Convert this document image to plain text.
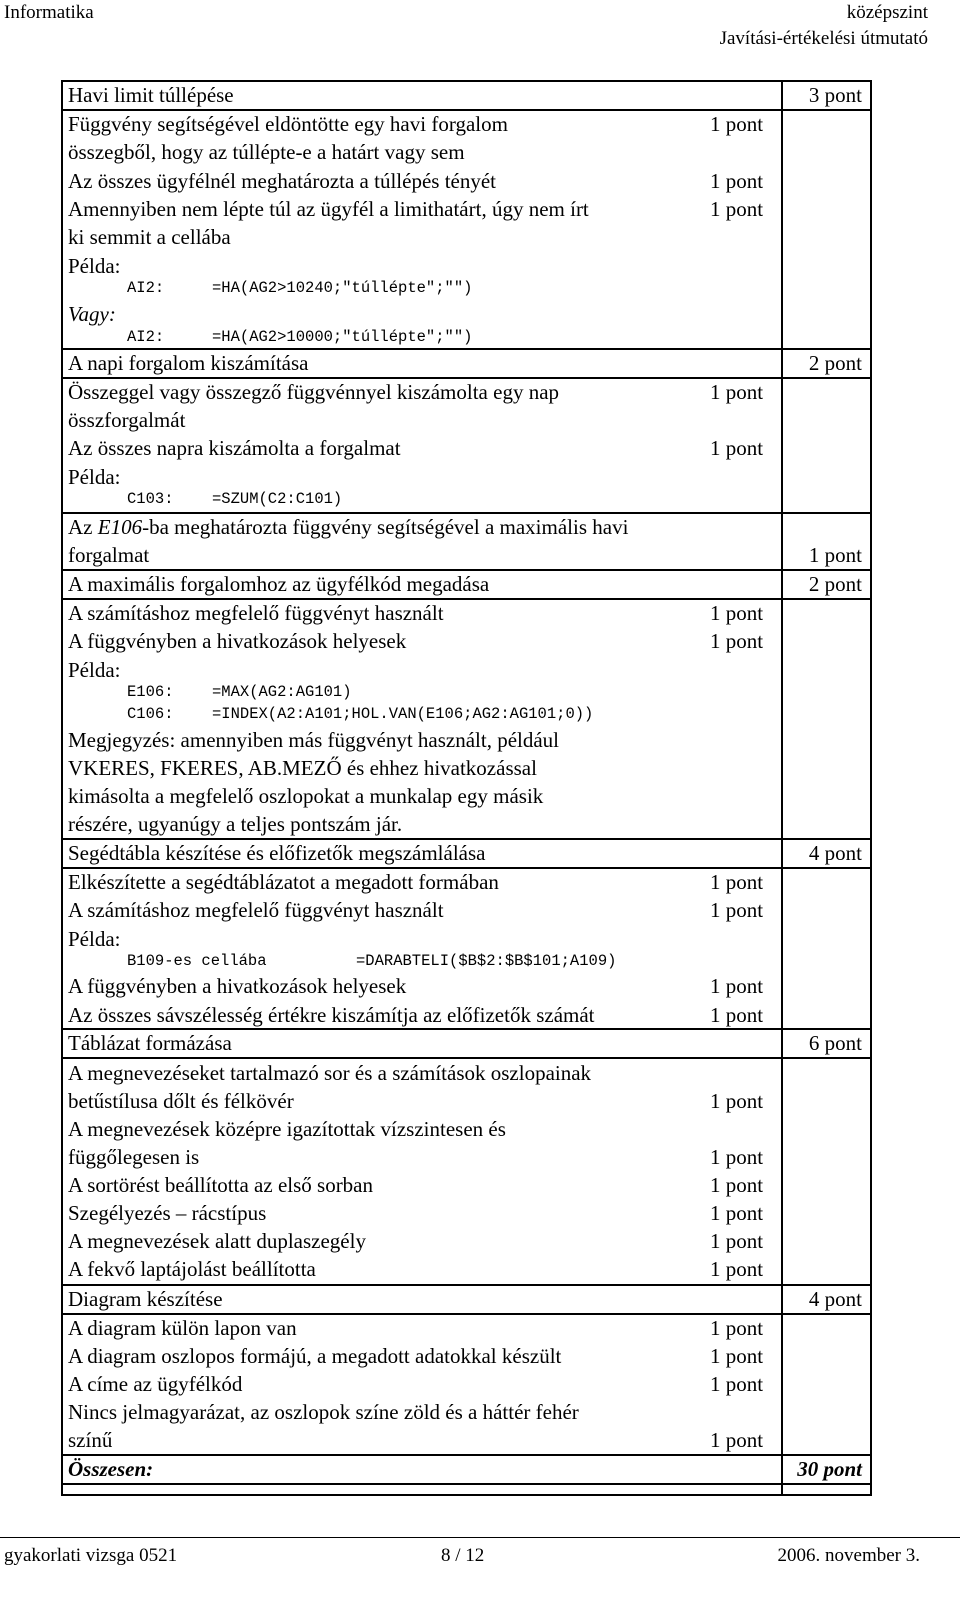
Informatika	középszint
Javítási-értékelési útmutató
Havi limit túllépése	3 pont
Függvény segítségével eldöntötte egy havi forgalom	1 pont
összegből, hogy az túllépte-e a határt vagy sem
Az összes ügyfélnél meghatározta a túllépés tényét	1 pont
Amennyiben nem lépte túl az ügyfél a limithatárt, úgy nem írt	1 pont
ki semmit a cellába
Példa:
AI2:	=HA(AG2>10240;"túllépte";"")
Vagy:
AI2:	=HA(AG2>10000;"túllépte";"")
A napi forgalom kiszámítása	2 pont
Összeggel vagy összegző függvénnyel kiszámolta egy nap	1 pont
összforgalmát
Az összes napra kiszámolta a forgalmat	1 pont
Példa:
C103: =SZUM(C2:C101)
Az E106-ba meghatározta függvény segítségével a maximális havi
forgalmat	1 pont
A maximális forgalomhoz az ügyfélkód megadása	2 pont
A számításhoz megfelelő függvényt használt	1 pont
A függvényben a hivatkozások helyesek	1 pont
Példa:
E106: =MAX(AG2:AG101)
C106: =INDEX(A2:A101;HOL.VAN(E106;AG2:AG101;0))
Megjegyzés: amennyiben más függvényt használt, például
VKERES, FKERES, AB.MEZŐ és ehhez hivatkozással
kimásolta a megfelelő oszlopokat a munkalap egy másik
részére, ugyanúgy a teljes pontszám jár.
Segédtábla készítése és előfizetők megszámlálása	4 pont
Elkészítette a segédtáblázatot a megadott formában	1 pont
A számításhoz megfelelő függvényt használt	1 pont
Példa:
B109-es cellába	=DARABTELI($B$2:$B$101;A109)
A függvényben a hivatkozások helyesek	1 pont
Az összes sávszélesség értékre kiszámítja az előfizetők számát	1 pont
Táblázat formázása	6 pont
A megnevezéseket tartalmazó sor és a számítások oszlopainak
betűstílusa dőlt és félkövér	1 pont
A megnevezések középre igazítottak vízszintesen és
függőlegesen is	1 pont
A sortörést beállította az első sorban	1 pont
Szegélyezés – rácstípus	1 pont
A megnevezések alatt duplaszegély	1 pont
A fekvő laptájolást beállította	1 pont
Diagram készítése	4 pont
A diagram külön lapon van	1 pont
A diagram oszlopos formájú, a megadott adatokkal készült	1 pont
A címe az ügyfélkód	1 pont
Nincs jelmagyarázat, az oszlopok színe zöld és a háttér fehér
színű	1 pont
Összesen:	30 pont
gyakorlati vizsga 0521	8 / 12	2006. november 3.
